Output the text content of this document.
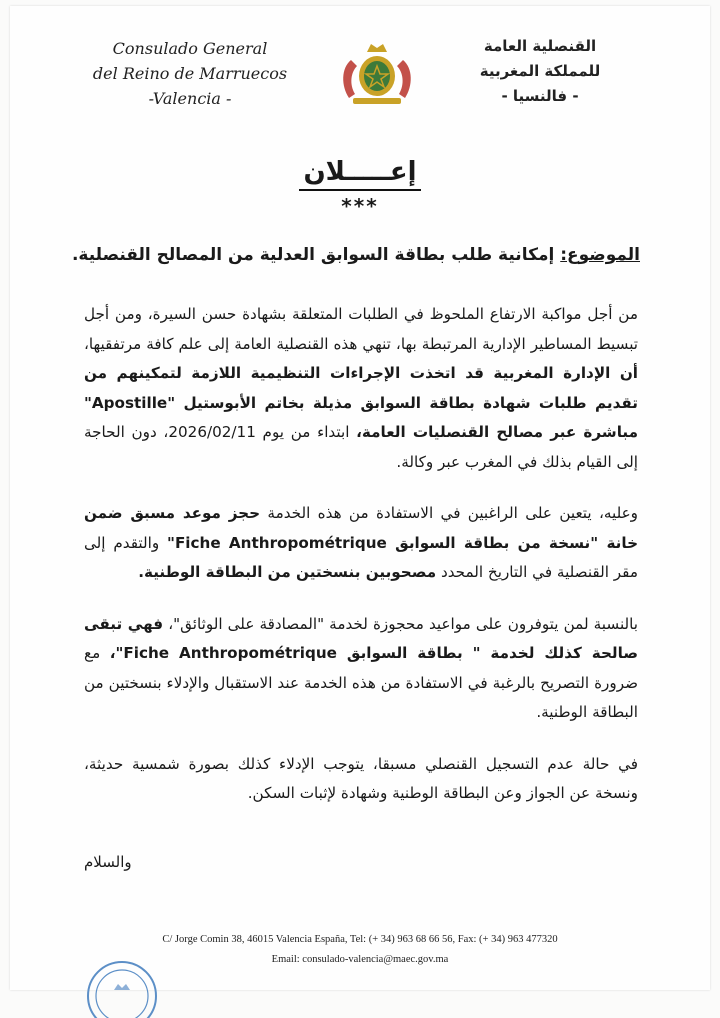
Consulado General
del Reino de Marruecos
-Valencia -
القنصلية العامة
للمملكة المغربية
- فالنسيا -
إعـــــلان
***
الموضوع: إمكانية طلب بطاقة السوابق العدلية من المصالح القنصلية.

من أجل مواكبة الارتفاع الملحوظ في الطلبات المتعلقة بشهادة حسن السيرة، ومن أجل تبسيط المساطير الإدارية المرتبطة بها، تنهي هذه القنصلية العامة إلى علم كافة مرتفقيها، أن الإدارة المغربية قد اتخذت الإجراءات التنظيمية اللازمة لتمكينهم من تقديم طلبات شهادة بطاقة السوابق مذيلة بخاتم الأبوستيل "Apostille" مباشرة عبر مصالح القنصليات العامة، ابتداء من يوم 2026/02/11، دون الحاجة إلى القيام بذلك في المغرب عبر وكالة.

وعليه، يتعين على الراغبين في الاستفادة من هذه الخدمة حجز موعد مسبق ضمن خانة "نسخة من بطاقة السوابق Fiche Anthropométrique" والتقدم إلى مقر القنصلية في التاريخ المحدد مصحوبين بنسختين من البطاقة الوطنية.

بالنسبة لمن يتوفرون على مواعيد محجوزة لخدمة "المصادقة على الوثائق"، فهي تبقى صالحة كذلك لخدمة " بطاقة السوابق Fiche Anthropométrique"، مع ضرورة التصريح بالرغبة في الاستفادة من هذه الخدمة عند الاستقبال والإدلاء بنسختين من البطاقة الوطنية.

في حالة عدم التسجيل القنصلي مسبقا، يتوجب الإدلاء كذلك بصورة شمسية حديثة، ونسخة عن الجواز وعن البطاقة الوطنية وشهادة لإثبات السكن.

والسلام
C/ Jorge Comin 38, 46015 Valencia España, Tel: (+ 34) 963 68 66 56, Fax: (+ 34) 963 477320
Email: consulado-valencia@maec.gov.ma
